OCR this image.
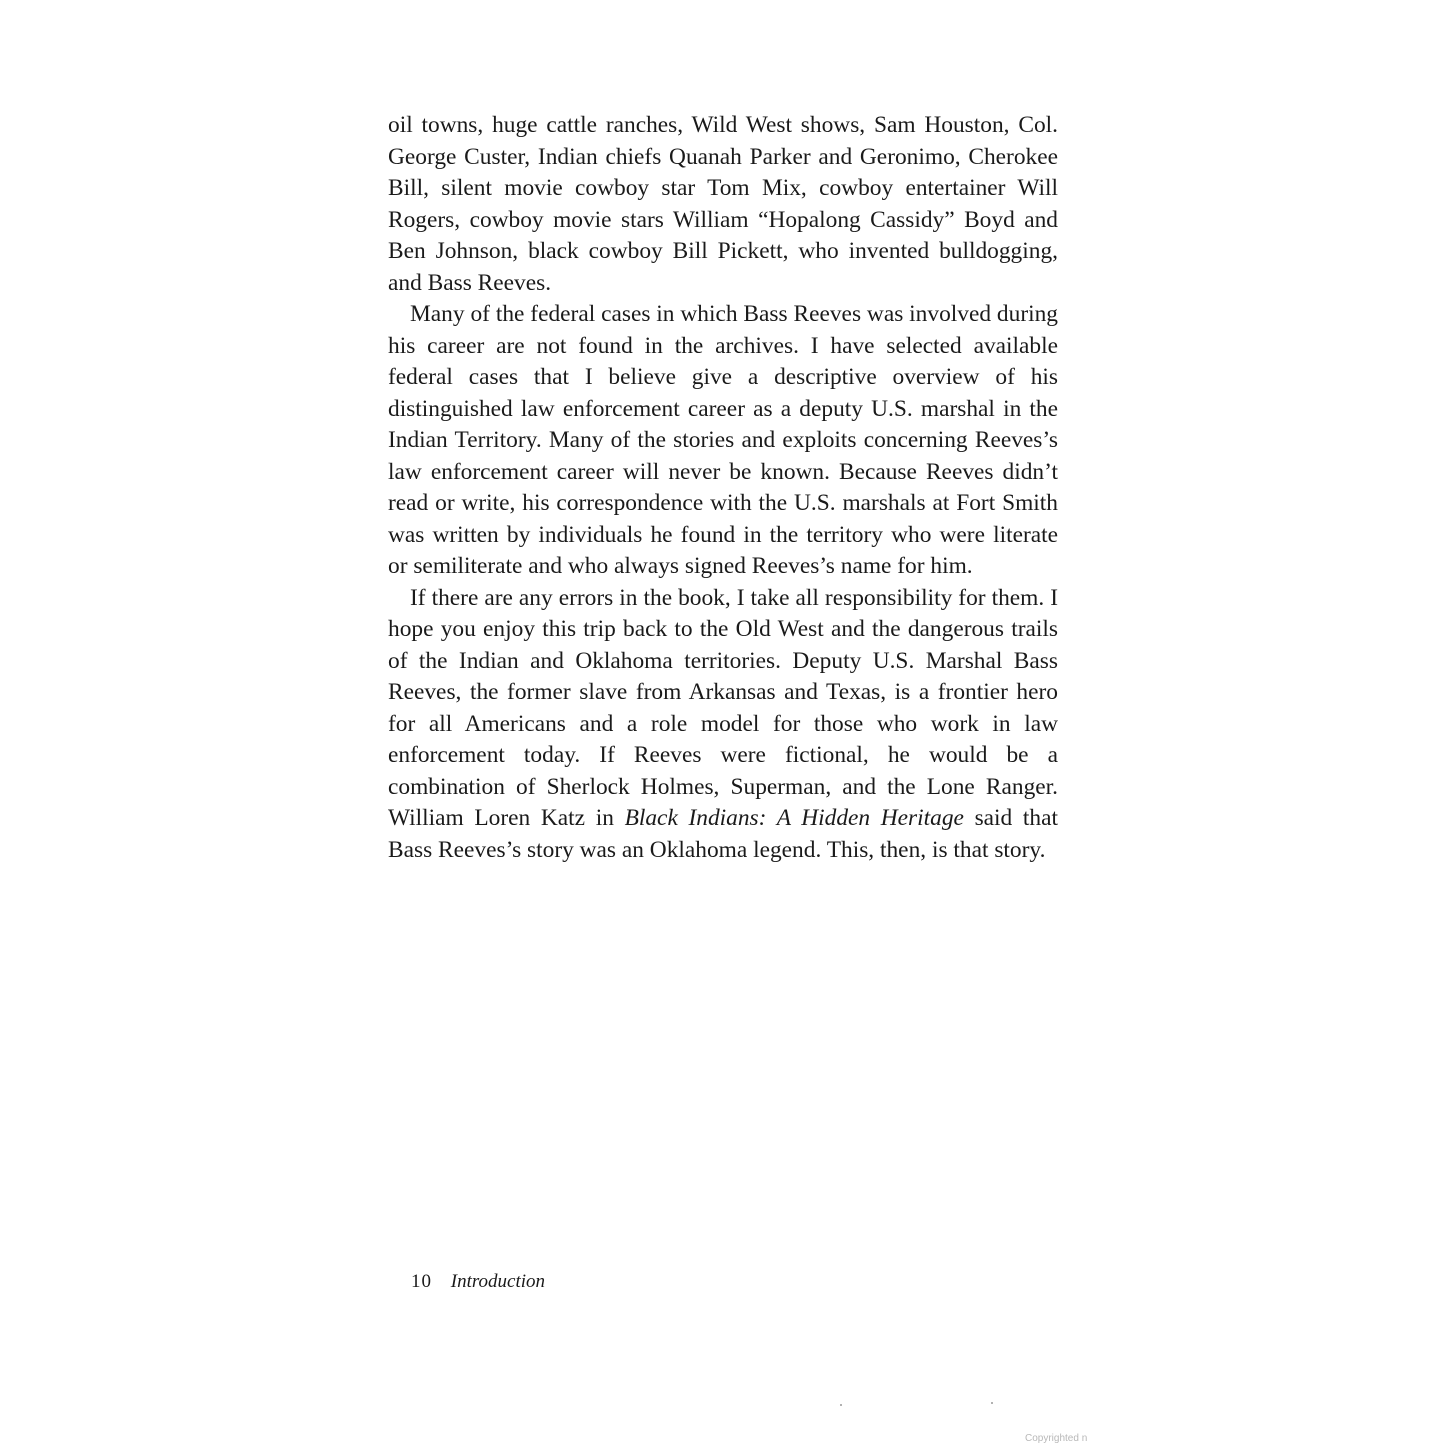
oil towns, huge cattle ranches, Wild West shows, Sam Houston, Col. George Custer, Indian chiefs Quanah Parker and Geronimo, Cherokee Bill, silent movie cowboy star Tom Mix, cowboy entertainer Will Rogers, cowboy movie stars William “Hopalong Cassidy” Boyd and Ben Johnson, black cowboy Bill Pickett, who invented bulldogging, and Bass Reeves.

Many of the federal cases in which Bass Reeves was involved during his career are not found in the archives. I have selected available federal cases that I believe give a descriptive overview of his distinguished law enforcement career as a deputy U.S. marshal in the Indian Territory. Many of the stories and exploits concerning Reeves’s law enforcement career will never be known. Because Reeves didn’t read or write, his correspondence with the U.S. marshals at Fort Smith was written by individuals he found in the territory who were literate or semiliterate and who always signed Reeves’s name for him.

If there are any errors in the book, I take all responsibility for them. I hope you enjoy this trip back to the Old West and the dangerous trails of the Indian and Oklahoma territories. Deputy U.S. Marshal Bass Reeves, the former slave from Arkansas and Texas, is a frontier hero for all Americans and a role model for those who work in law enforcement today. If Reeves were fictional, he would be a combination of Sherlock Holmes, Superman, and the Lone Ranger. William Loren Katz in Black Indians: A Hidden Heritage said that Bass Reeves’s story was an Oklahoma legend. This, then, is that story.

10 Introduction
Copyrighted n
